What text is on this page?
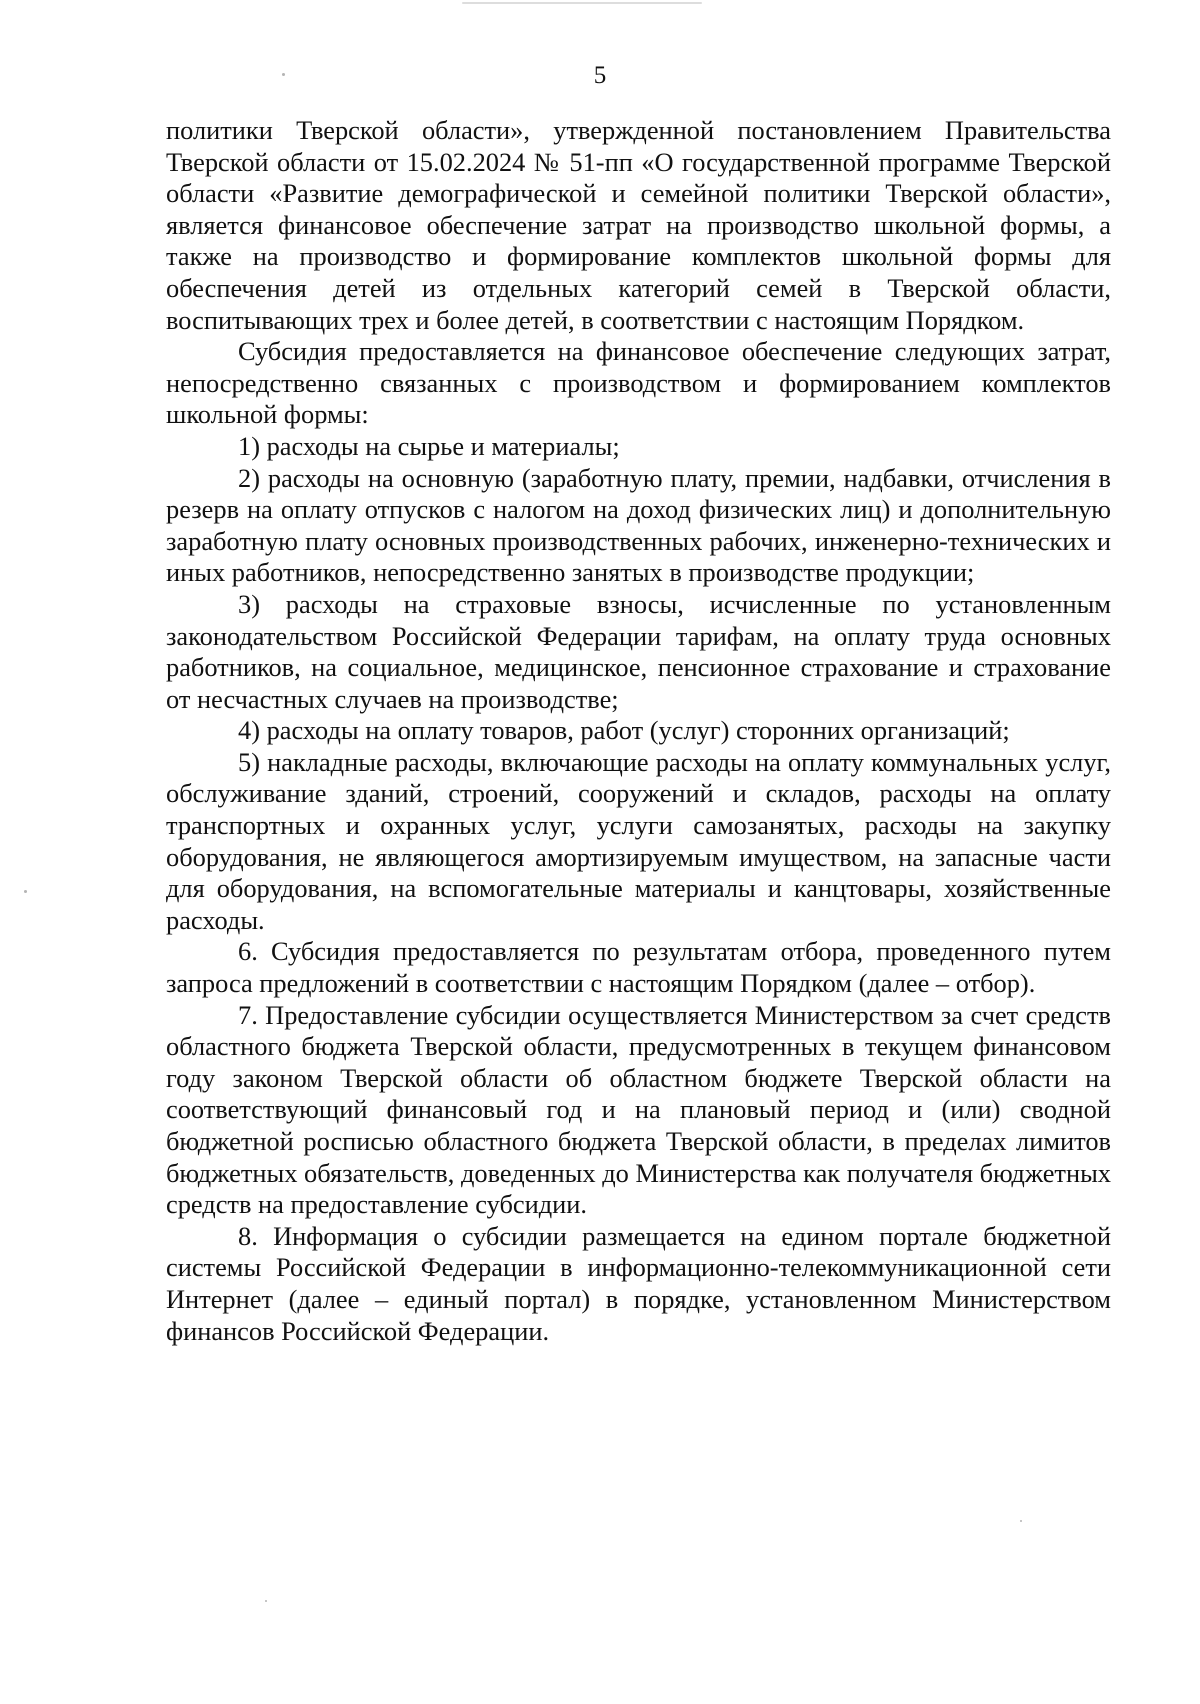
5

политики Тверской области», утвержденной постановлением Правительства Тверской области от 15.02.2024 № 51-пп «О государственной программе Тверской области «Развитие демографической и семейной политики Тверской области», является финансовое обеспечение затрат на производство школьной формы, а также на производство и формирование комплектов школьной формы для обеспечения детей из отдельных категорий семей в Тверской области, воспитывающих трех и более детей, в соответствии с настоящим Порядком.

Субсидия предоставляется на финансовое обеспечение следующих затрат, непосредственно связанных с производством и формированием комплектов школьной формы:

1) расходы на сырье и материалы;

2) расходы на основную (заработную плату, премии, надбавки, отчисления в резерв на оплату отпусков с налогом на доход физических лиц) и дополнительную заработную плату основных производственных рабочих, инженерно-технических и иных работников, непосредственно занятых в производстве продукции;

3) расходы на страховые взносы, исчисленные по установленным законодательством Российской Федерации тарифам, на оплату труда основных работников, на социальное, медицинское, пенсионное страхование и страхование от несчастных случаев на производстве;

4) расходы на оплату товаров, работ (услуг) сторонних организаций;

5) накладные расходы, включающие расходы на оплату коммунальных услуг, обслуживание зданий, строений, сооружений и складов, расходы на оплату транспортных и охранных услуг, услуги самозанятых, расходы на закупку оборудования, не являющегося амортизируемым имуществом, на запасные части для оборудования, на вспомогательные материалы и канцтовары, хозяйственные расходы.

6. Субсидия предоставляется по результатам отбора, проведенного путем запроса предложений в соответствии с настоящим Порядком (далее – отбор).

7. Предоставление субсидии осуществляется Министерством за счет средств областного бюджета Тверской области, предусмотренных в текущем финансовом году законом Тверской области об областном бюджете Тверской области на соответствующий финансовый год и на плановый период и (или) сводной бюджетной росписью областного бюджета Тверской области, в пределах лимитов бюджетных обязательств, доведенных до Министерства как получателя бюджетных средств на предоставление субсидии.

8. Информация о субсидии размещается на едином портале бюджетной системы Российской Федерации в информационно-телекоммуникационной сети Интернет (далее – единый портал) в порядке, установленном Министерством финансов Российской Федерации.
